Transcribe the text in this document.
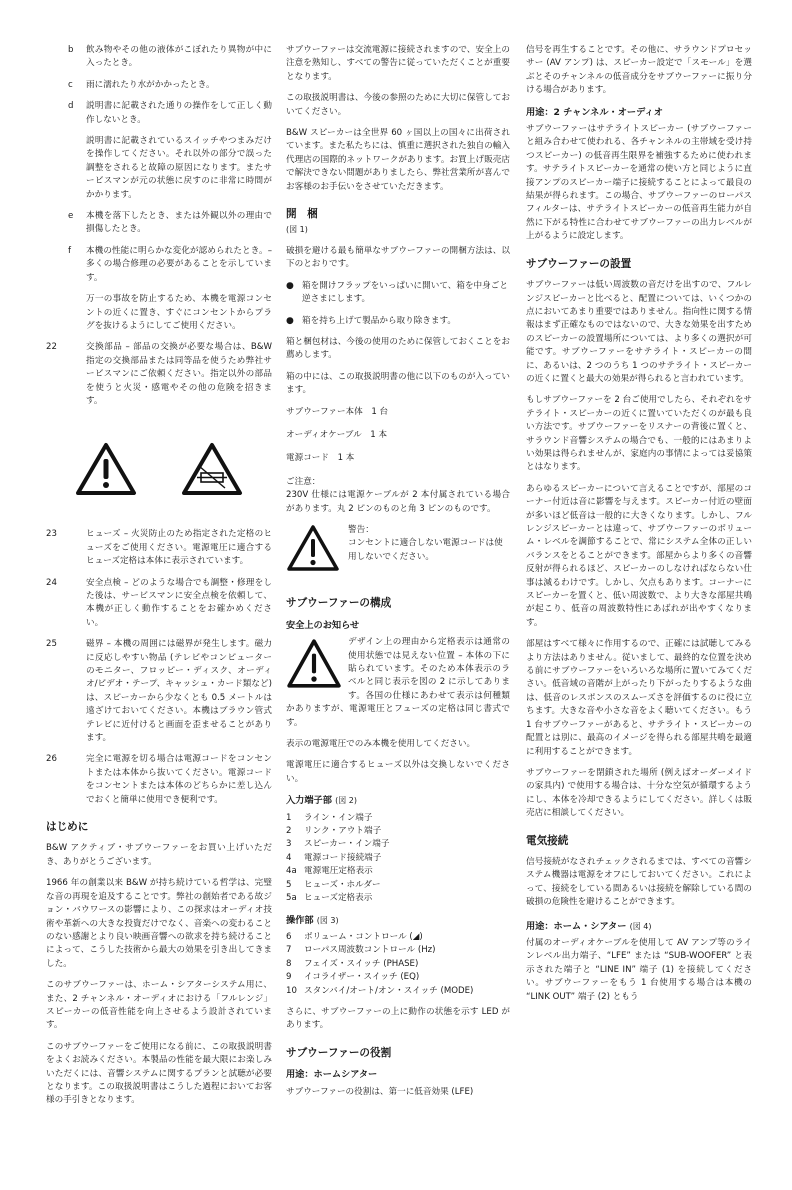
b	飲み物やその他の液体がこぼれたり異物が中に入ったとき。
c	雨に濡れたり水がかかったとき。
d	説明書に記載された通りの操作をして正しく動作しないとき。
説明書に記載されているスイッチやつまみだけを操作してください。それ以外の部分で誤った調整をされると故障の原因になります。またサービスマンが元の状態に戻すのに非常に時間がかかります。
e	本機を落下したとき、または外観以外の理由で損傷したとき。
f	本機の性能に明らかな変化が認められたとき。– 多くの場合修理の必要があることを示しています。
万一の事故を防止するため、本機を電源コンセントの近くに置き、すぐにコンセントからプラグを抜けるようにしてご使用ください。
22	交換部品 – 部品の交換が必要な場合は、B&W 指定の交換部品または同等品を使うため弊社サービスマンにご依頼ください。指定以外の部品を使うと火災・感電やその他の危険を招きます。
23	ヒューズ – 火災防止のため指定された定格のヒューズをご使用ください。電源電圧に適合するヒューズ定格は本体に表示されています。
24	安全点検 – どのような場合でも調整・修理をした後は、サービスマンに安全点検を依頼して、本機が正しく動作することをお確かめください。
25	磁界 – 本機の周囲には磁界が発生します。磁力に反応しやすい物品 (テレビやコンピューターのモニター、フロッピー・ディスク、オーディオ/ビデオ・テープ、キャッシュ・カード類など) は、スピーカーから少なくとも 0.5 メートルは遠ざけておいてください。本機はブラウン管式テレビに近付けると画面を歪ませることがあります。
26	完全に電源を切る場合は電源コードをコンセントまたは本体から抜いてください。電源コードをコンセントまたは本体のどちらかに差し込んでおくと簡単に使用でき便利です。
はじめに

B&W アクティブ・サブウーファーをお買い上げいただき、ありがとうございます。

1966 年の創業以来 B&W が持ち続けている哲学は、完璧な音の再現を追及することです。弊社の創始者である故ジョン・バウワースの影響により、この探求はオーディオ技術や革新への大きな投資だけでなく、音楽への変わることのない感謝とより良い映画音響への欲求を持ち続けることによって、こうした技術から最大の効果を引き出してきました。

このサブウーファーは、ホーム・シアターシステム用に、また、2 チャンネル・オーディオにおける「フルレンジ」スピーカーの低音性能を向上させるよう設計されています。

このサブウーファーをご使用になる前に、この取扱説明書をよくお読みください。本製品の性能を最大限にお楽しみいただくには、音響システムに関するプランと試聴が必要となります。この取扱説明書はこうした過程においてお客様の手引きとなります。

サブウーファーは交流電源に接続されますので、安全上の注意を熟知し、すべての警告に従っていただくことが重要となります。

この取扱説明書は、今後の参照のために大切に保管しておいてください。

B&W スピーカーは全世界 60 ヶ国以上の国々に出荷されています。また私たちには、慎重に選択された独自の輸入代理店の国際的ネットワークがあります。お買上げ販売店で解決できない問題がありましたら、弊社営業所が喜んでお客様のお手伝いをさせていただきます。

開　梱
(図 1)

破損を避ける最も簡単なサブウーファーの開梱方法は、以下のとおりです。

● 箱を開けフラップをいっぱいに開いて、箱を中身ごと逆さまにします。
● 箱を持ち上げて製品から取り除きます。

箱と梱包材は、今後の使用のために保管しておくことをお薦めします。

箱の中には、この取扱説明書の他に以下のものが入っています。

サブウーファー本体　1 台
オーディオケーブル　1 本
電源コード　1 本
ご注意：

230V 仕様には電源ケーブルが 2 本付属されている場合があります。丸 2 ピンのものと角 3 ピンのものです。

警告：
コンセントに適合しない電源コードは使用しないでください。
サブウーファーの構成
安全上のお知らせ

デザイン上の理由から定格表示は通常の使用状態では見えない位置 – 本体の下に貼られています。そのため本体表示のラベルと同じ表示を図の 2 に示してあります。各国の仕様にあわせて表示は何種類かありますが、電源電圧とフューズの定格は同じ書式です。

表示の電源電圧でのみ本機を使用してください。

電源電圧に適合するヒューズ以外は交換しないでください。

入力端子部 (図 2)
1	ライン・イン端子
2	リンク・アウト端子
3	スピーカー・イン端子
4	電源コード接続端子
4a 電源電圧定格表示
5	ヒューズ・ホルダー
5a ヒューズ定格表示
操作部 (図 3)
6	ボリューム・コントロール (◢)
7	ローパス周波数コントロール (Hz)
8	フェイズ・スイッチ (PHASE)
9	イコライザー・スイッチ (EQ)
10 スタンバイ/オート/オン・スイッチ (MODE)

さらに、サブウーファーの上に動作の状態を示す LED があります。

サブウーファーの役割
用途：ホームシアター

サブウーファーの役割は、第一に低音効果 (LFE)

信号を再生することです。その他に、サラウンドプロセッサー (AV アンプ) は、スピーカー設定で「スモール」を選ぶとそのチャンネルの低音成分をサブウーファーに振り分ける場合があります。

用途：2 チャンネル・オーディオ

サブウーファーはサテライトスピーカー (サブウーファーと組み合わせて使われる、各チャンネルの主帯域を受け持つスピーカー) の低音再生限界を補強するために使われます。サテライトスピーカーを通常の使い方と同じように直接アンプのスピーカー端子に接続することによって最良の結果が得られます。この場合、サブウーファーのローパスフィルターは、サテライトスピーカーの低音再生能力が自然に下がる特性に合わせてサブウーファーの出力レベルが上がるように設定します。

サブウーファーの設置

サブウーファーは低い周波数の音だけを出すので、フルレンジスピーカーと比べると、配置については、いくつかの点においてあまり重要ではありません。指向性に関する情報はまず正確なものではないので、大きな効果を出すためのスピーカーの設置場所については、より多くの選択が可能です。サブウーファーをサテライト・スピーカーの間に、あるいは、2 つのうち 1 つのサテライト・スピーカーの近くに置くと最大の効果が得られると言われています。

もしサブウーファーを 2 台ご使用でしたら、それぞれをサテライト・スピーカーの近くに置いていただくのが最も良い方法です。サブウーファーをリスナーの背後に置くと、サラウンド音響システムの場合でも、一般的にはあまりよい効果は得られませんが、家庭内の事情によっては妥協策とはなります。

あらゆるスピーカーについて言えることですが、部屋のコーナー付近は音に影響を与えます。スピーカー付近の壁面が多いほど低音は一般的に大きくなります。しかし、フルレンジスピーカーとは違って、サブウーファーのボリューム・レベルを調節することで、常にシステム全体の正しいバランスをとることができます。部屋からより多くの音響反射が得られるほど、スピーカーのしなければならない仕事は減るわけです。しかし、欠点もあります。コーナーにスピーカーを置くと、低い周波数で、より大きな部屋共鳴が起こり、低音の周波数特性にあばれが出やすくなります。

部屋はすべて様々に作用するので、正確には試聴してみるより方法はありません。従いまして、最終的な位置を決める前にサブウーファーをいろいろな場所に置いてみてください。低音域の音階が上がったり下がったりするような曲は、低音のレスポンスのスムーズさを評価するのに役に立ちます。大きな音や小さな音をよく聴いてください。もう 1 台サブウーファーがあると、サテライト・スピーカーの配置とは別に、最高のイメージを得られる部屋共鳴を最適に利用することができます。

サブウーファーを閉鎖された場所 (例えばオーダーメイドの家具内) で使用する場合は、十分な空気が循環するようにし、本体を冷却できるようにしてください。詳しくは販売店に相談してください。

電気接続

信号接続がなされチェックされるまでは、すべての音響システム機器は電源をオフにしておいてください。これによって、接続をしている間あるいは接続を解除している間の破損の危険性を避けることができます。

用途：ホーム・シアター (図 4)

付属のオーディオケーブルを使用して AV アンプ等のラインレベル出力端子、“LFE” または “SUB-WOOFER” と表示された端子と “LINE IN” 端子 (1) を接続してください。サブウーファーをもう 1 台使用する場合は本機の “LINK OUT” 端子 (2) ともう
